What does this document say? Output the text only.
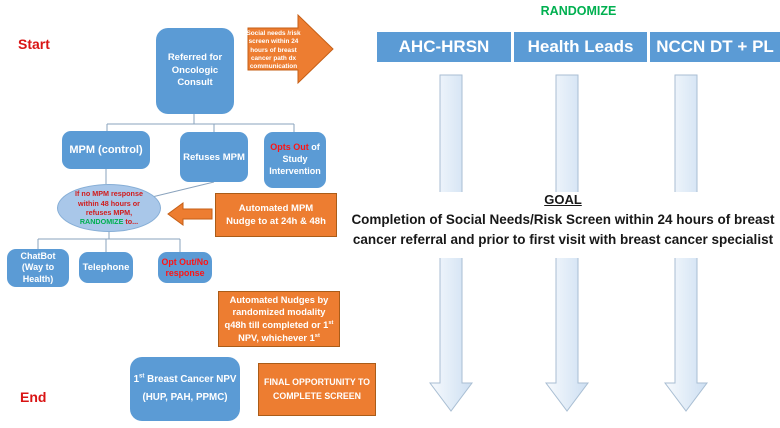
GOAL
Completion of Social Needs/Risk Screen within 24 hours of breast
cancer referral and prior to first visit with breast cancer specialist
Start
End
RANDOMIZE
AHC-HRSN	Health Leads	NCCN DT + PL
Referred for
Oncologic
Consult
Social needs /risk
screen within 24
hours of breast
cancer path dx
communication
MPM (control)
Refuses MPM
Opts Out of
Study
Intervention
If no MPM response
within 48 hours or
refuses MPM,
RANDOMIZE to...
Automated MPM
Nudge to at 24h & 48h
ChatBot
(Way to
Health)
Telephone
Opt Out/No
response
Automated Nudges by
randomized modality
q48h till completed or 1st
NPV, whichever 1st
1st Breast Cancer NPV
(HUP, PAH, PPMC)
FINAL OPPORTUNITY TO
COMPLETE SCREEN
